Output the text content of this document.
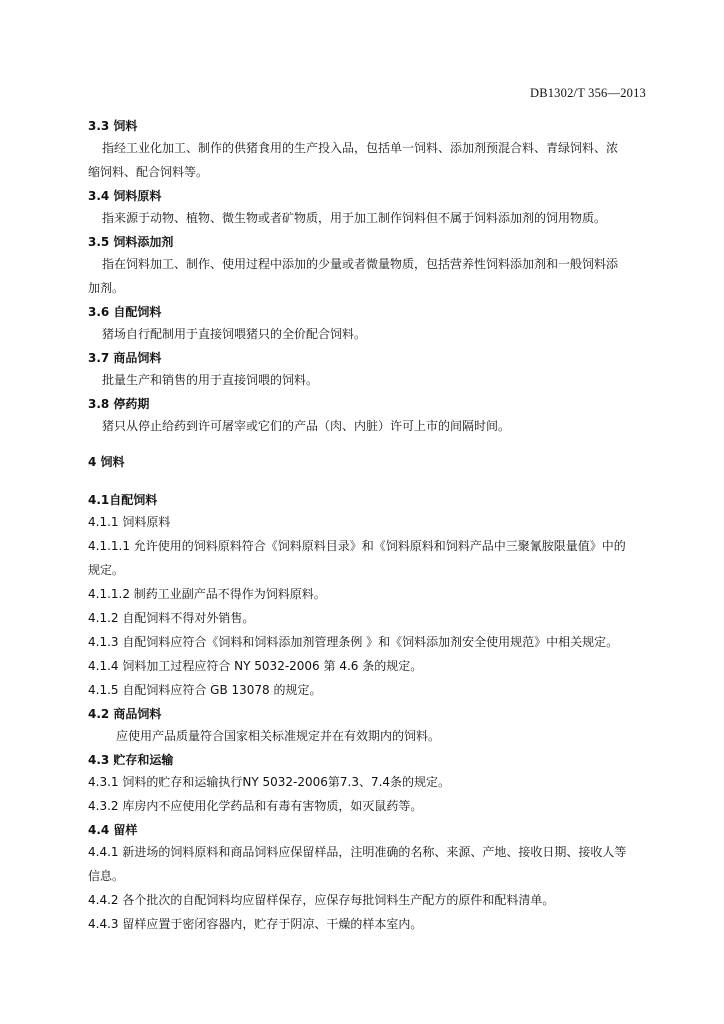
DB1302/T 356—2013
3.3 饲料
指经工业化加工、制作的供猪食用的生产投入品，包括单一饲料、添加剂预混合料、青绿饲料、浓
缩饲料、配合饲料等。
3.4 饲料原料
指来源于动物、植物、微生物或者矿物质，用于加工制作饲料但不属于饲料添加剂的饲用物质。
3.5 饲料添加剂
指在饲料加工、制作、使用过程中添加的少量或者微量物质，包括营养性饲料添加剂和一般饲料添
加剂。
3.6 自配饲料
猪场自行配制用于直接饲喂猪只的全价配合饲料。
3.7 商品饲料
批量生产和销售的用于直接饲喂的饲料。
3.8 停药期
猪只从停止给药到许可屠宰或它们的产品（肉、内脏）许可上市的间隔时间。
4 饲料
4.1自配饲料
4.1.1 饲料原料
4.1.1.1 允许使用的饲料原料符合《饲料原料目录》和《饲料原料和饲料产品中三聚氰胺限量值》中的
规定。
4.1.1.2 制药工业副产品不得作为饲料原料。
4.1.2 自配饲料不得对外销售。
4.1.3 自配饲料应符合《饲料和饲料添加剂管理条例 》和《饲料添加剂安全使用规范》中相关规定。
4.1.4 饲料加工过程应符合 NY 5032-2006 第 4.6 条的规定。
4.1.5 自配饲料应符合 GB 13078 的规定。
4.2 商品饲料
应使用产品质量符合国家相关标准规定并在有效期内的饲料。
4.3 贮存和运输
4.3.1 饲料的贮存和运输执行NY 5032-2006第7.3、7.4条的规定。
4.3.2 库房内不应使用化学药品和有毒有害物质，如灭鼠药等。
4.4 留样
4.4.1 新进场的饲料原料和商品饲料应保留样品，注明准确的名称、来源、产地、接收日期、接收人等
信息。
4.4.2 各个批次的自配饲料均应留样保存，应保存每批饲料生产配方的原件和配料清单。
4.4.3 留样应置于密闭容器内，贮存于阴凉、干燥的样本室内。
